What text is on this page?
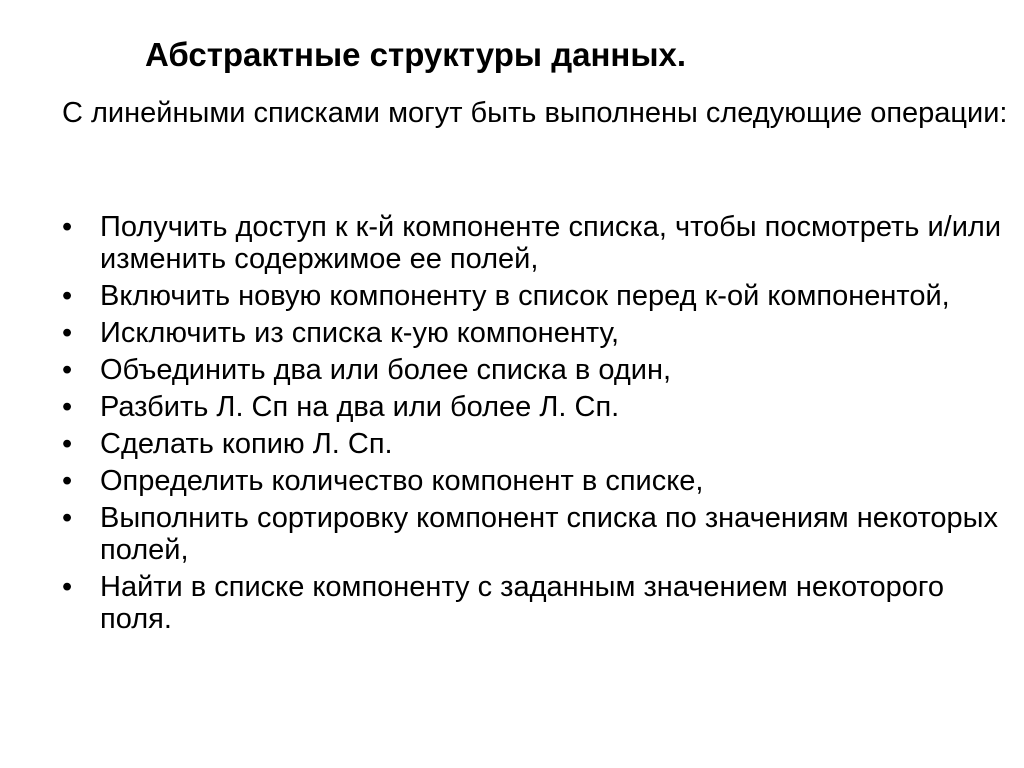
Абстрактные структуры данных.
С линейными списками могут быть выполнены следующие операции:
• Получить доступ к к-й компоненте списка, чтобы посмотреть и/или изменить содержимое ее полей,
• Включить новую компоненту в список перед к-ой компонентой,
• Исключить из списка к-ую компоненту,
• Объединить два или более списка в один,
• Разбить Л. Сп на два или более Л. Сп.
• Сделать копию Л. Сп.
• Определить количество компонент в списке,
• Выполнить сортировку компонент списка по значениям некоторых полей,
• Найти в списке компоненту с заданным значением некоторого поля.
